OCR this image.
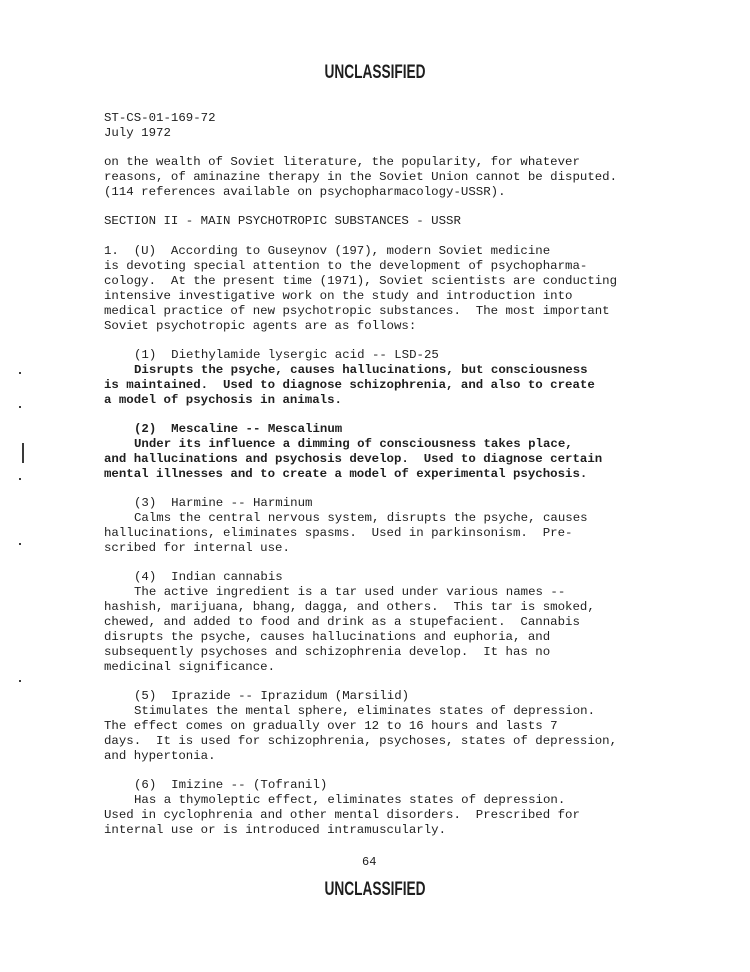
UNCLASSIFIED
ST-CS-01-169-72
July 1972
on the wealth of Soviet literature, the popularity, for whatever
reasons, of aminazine therapy in the Soviet Union cannot be disputed.
(114 references available on psychopharmacology-USSR).
SECTION II - MAIN PSYCHOTROPIC SUBSTANCES - USSR
1.  (U)  According to Guseynov (197), modern Soviet medicine
is devoting special attention to the development of psychopharma-
cology.  At the present time (1971), Soviet scientists are conducting
intensive investigative work on the study and introduction into
medical practice of new psychotropic substances.  The most important
Soviet psychotropic agents are as follows:
(1)  Diethylamide lysergic acid -- LSD-25
Disrupts the psyche, causes hallucinations, but consciousness
is maintained.  Used to diagnose schizophrenia, and also to create
a model of psychosis in animals.
(2)  Mescaline -- Mescalinum
Under its influence a dimming of consciousness takes place,
and hallucinations and psychosis develop.  Used to diagnose certain
mental illnesses and to create a model of experimental psychosis.
(3)  Harmine -- Harminum
Calms the central nervous system, disrupts the psyche, causes
hallucinations, eliminates spasms.  Used in parkinsonism.  Pre-
scribed for internal use.
(4)  Indian cannabis
The active ingredient is a tar used under various names --
hashish, marijuana, bhang, dagga, and others.  This tar is smoked,
chewed, and added to food and drink as a stupefacient.  Cannabis
disrupts the psyche, causes hallucinations and euphoria, and
subsequently psychoses and schizophrenia develop.  It has no
medicinal significance.
(5)  Iprazide -- Iprazidum (Marsilid)
Stimulates the mental sphere, eliminates states of depression.
The effect comes on gradually over 12 to 16 hours and lasts 7
days.  It is used for schizophrenia, psychoses, states of depression,
and hypertonia.
(6)  Imizine -- (Tofranil)
Has a thymoleptic effect, eliminates states of depression.
Used in cyclophrenia and other mental disorders.  Prescribed for
internal use or is introduced intramuscularly.
64
UNCLASSIFIED
